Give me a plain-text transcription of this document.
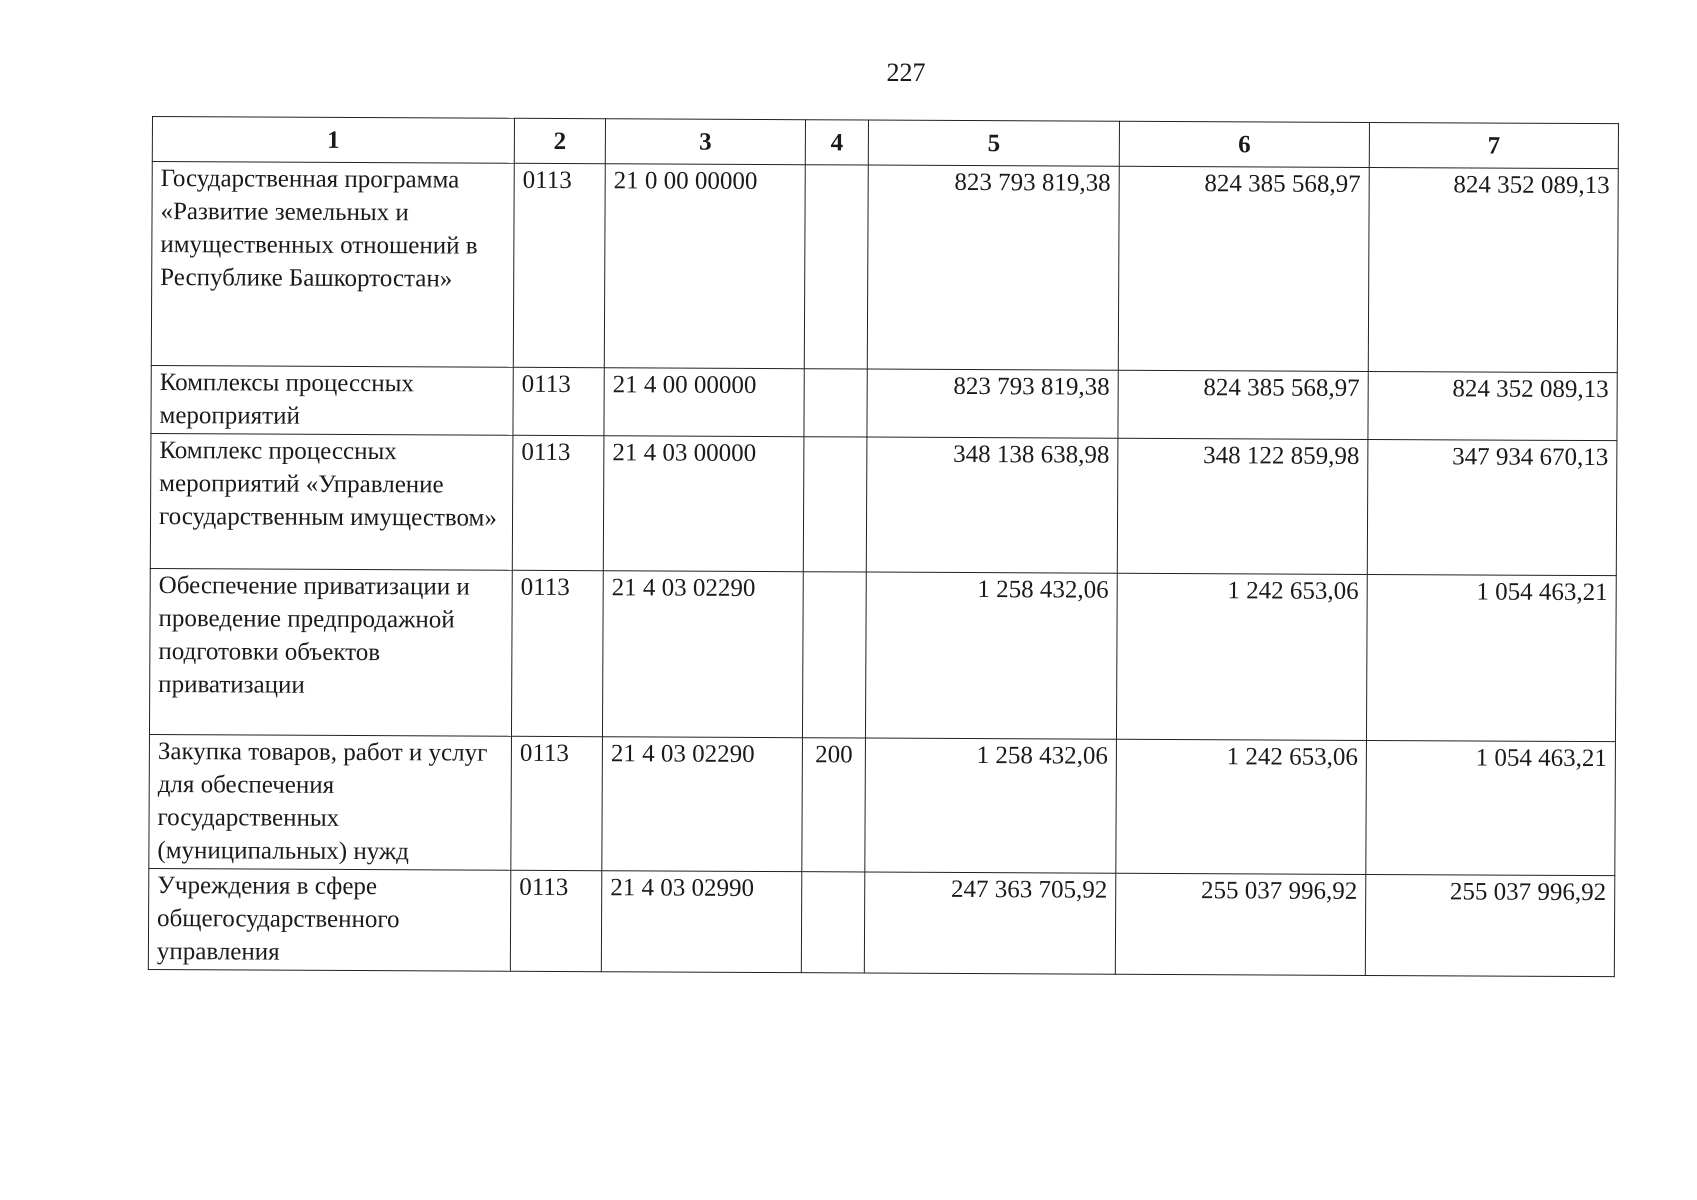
227
1	2	3	4	5	6	7
Государственная программа «Развитие земельных и имущественных отношений в Республике Башкортостан»	0113	21 0 00 00000		823 793 819,38	824 385 568,97	824 352 089,13
Комплексы процессных мероприятий	0113	21 4 00 00000		823 793 819,38	824 385 568,97	824 352 089,13
Комплекс процессных мероприятий «Управление государственным имуществом»	0113	21 4 03 00000		348 138 638,98	348 122 859,98	347 934 670,13
Обеспечение приватизации и проведение предпродажной подготовки объектов приватизации	0113	21 4 03 02290		1 258 432,06	1 242 653,06	1 054 463,21
Закупка товаров, работ и услуг для обеспечения государственных (муниципальных) нужд	0113	21 4 03 02290	200	1 258 432,06	1 242 653,06	1 054 463,21
Учреждения в сфере общегосударственного управления	0113	21 4 03 02990		247 363 705,92	255 037 996,92	255 037 996,92
